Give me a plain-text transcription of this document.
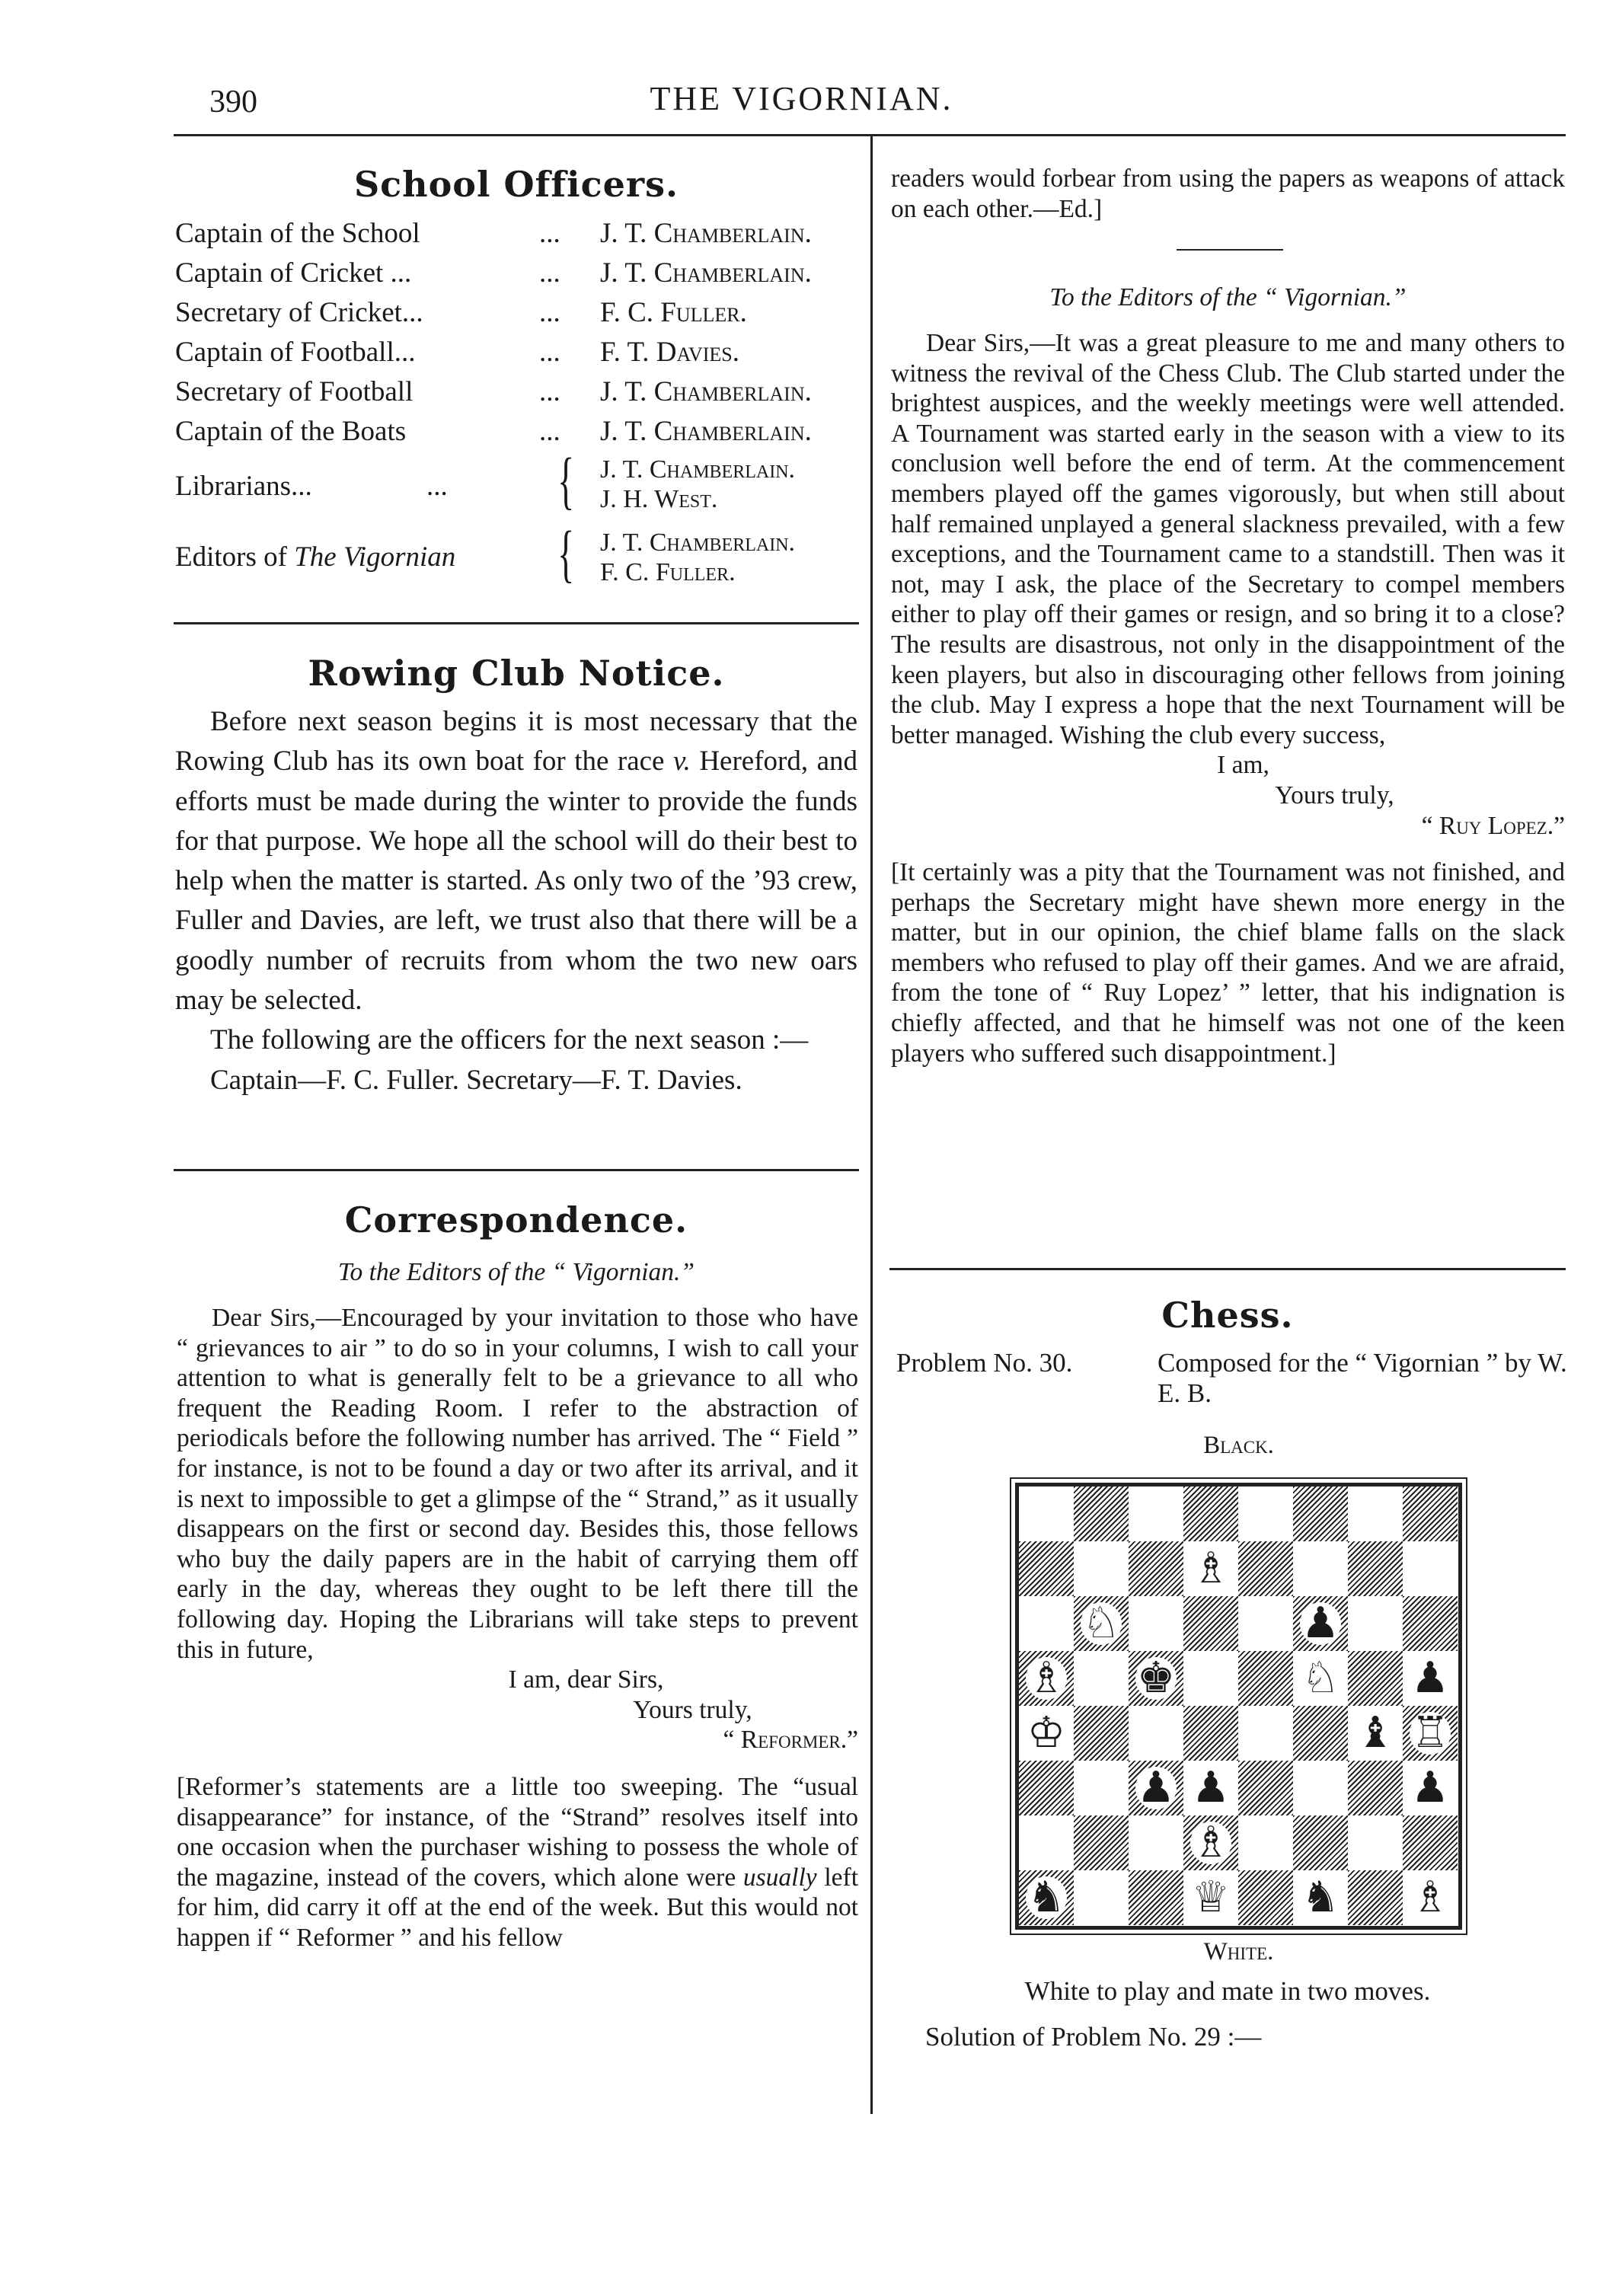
390	THE VIGORNIAN.
School Officers.
Captain of the School	... J. T. Chamberlain.
Captain of Cricket ...	... J. T. Chamberlain.
Secretary of Cricket...	... F. C. Fuller.
Captain of Football...	... F. T. Davies.
Secretary of Football	... J. T. Chamberlain.
Captain of the Boats	... J. T. Chamberlain.
Librarians...	... { J. T. Chamberlain.
J. H. West.
Editors of The Vigornian { J. T. Chamberlain.
F. C. Fuller.
Rowing Club Notice.

Before next season begins it is most necessary that the Rowing Club has its own boat for the race v. Hereford, and efforts must be made during the winter to provide the funds for that purpose. We hope all the school will do their best to help when the matter is started. As only two of the ’93 crew, Fuller and Davies, are left, we trust also that there will be a goodly number of recruits from whom the two new oars may be selected.

The following are the officers for the next season :—

Captain—F. C. Fuller. Secretary—F. T. Davies.

Correspondence.
To the Editors of the “ Vigornian.”

Dear Sirs,—Encouraged by your invitation to those who have “ grievances to air ” to do so in your columns, I wish to call your attention to what is generally felt to be a grievance to all who frequent the Reading Room. I refer to the abstraction of periodicals before the following number has arrived. The “ Field ” for instance, is not to be found a day or two after its arrival, and it is next to impossible to get a glimpse of the “ Strand,” as it usually disappears on the first or second day. Besides this, those fellows who buy the daily papers are in the habit of carrying them off early in the day, whereas they ought to be left there till the following day. Hoping the Librarians will take steps to prevent this in future,

I am, dear Sirs,
Yours truly,
“ Reformer.”

[Reformer’s statements are a little too sweeping. The “usual disappearance” for instance, of the “Strand” resolves itself into one occasion when the purchaser wishing to possess the whole of the magazine, instead of the covers, which alone were usually left for him, did carry it off at the end of the week. But this would not happen if “ Reformer ” and his fellow

readers would forbear from using the papers as weapons of attack on each other.—Ed.]

To the Editors of the “ Vigornian.”

Dear Sirs,—It was a great pleasure to me and many others to witness the revival of the Chess Club. The Club started under the brightest auspices, and the weekly meetings were well attended. A Tournament was started early in the season with a view to its conclusion well before the end of term. At the commencement members played off the games vigorously, but when still about half remained unplayed a general slackness prevailed, with a few exceptions, and the Tournament came to a standstill. Then was it not, may I ask, the place of the Secretary to compel members either to play off their games or resign, and so bring it to a close? The results are disastrous, not only in the disappointment of the keen players, but also in discouraging other fellows from joining the club. May I express a hope that the next Tournament will be better managed. Wishing the club every success,

I am,
Yours truly,
“ Ruy Lopez.”

[It certainly was a pity that the Tournament was not finished, and perhaps the Secretary might have shewn more energy in the matter, but in our opinion, the chief blame falls on the slack members who refused to play off their games. And we are afraid, from the tone of “ Ruy Lopez’ ” letter, that his indignation is chiefly affected, and that he himself was not one of the keen players who suffered such disappointment.]

Chess.
Problem No. 30.	Composed for the “ Vigornian ” by W. E. B.
Black.
♗
♘	♟
♗ ♚	♘ ♟
♔	♝ ♖
♟ ♟	♟
♗
♞	♕ ♞ ♗
White.
White to play and mate in two moves.
Solution of Problem No. 29 :—
